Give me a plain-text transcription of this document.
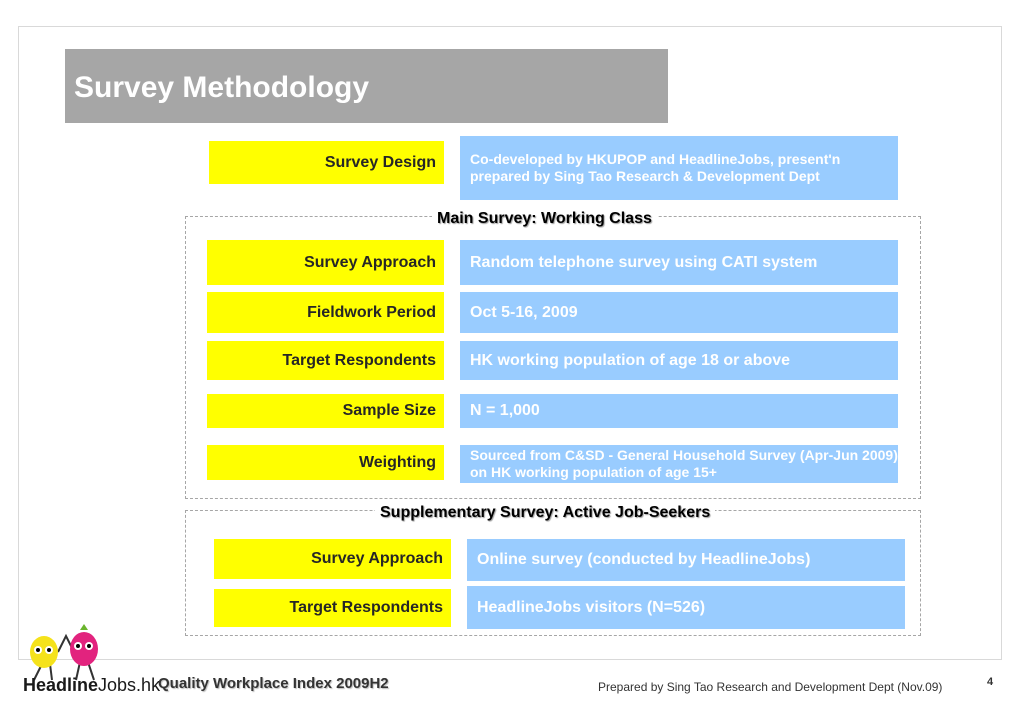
Survey Methodology
Survey Design	Co-developed by HKUPOP and HeadlineJobs, present'n prepared by Sing Tao Research & Development Dept
Main Survey: Working Class
Survey Approach	Random telephone survey using CATI system
Fieldwork Period	Oct 5-16, 2009
Target Respondents	HK working population of age 18 or above
Sample Size	N = 1,000
Weighting	Sourced from C&SD - General Household Survey (Apr-Jun 2009) on HK working population of age 15+
Supplementary Survey: Active Job-Seekers
Survey Approach	Online survey (conducted by HeadlineJobs)
Target Respondents	HeadlineJobs visitors (N=526)
HeadlineJobs.hk
Quality Workplace Index 2009H2	Prepared by Sing Tao Research and Development Dept (Nov.09)	4
